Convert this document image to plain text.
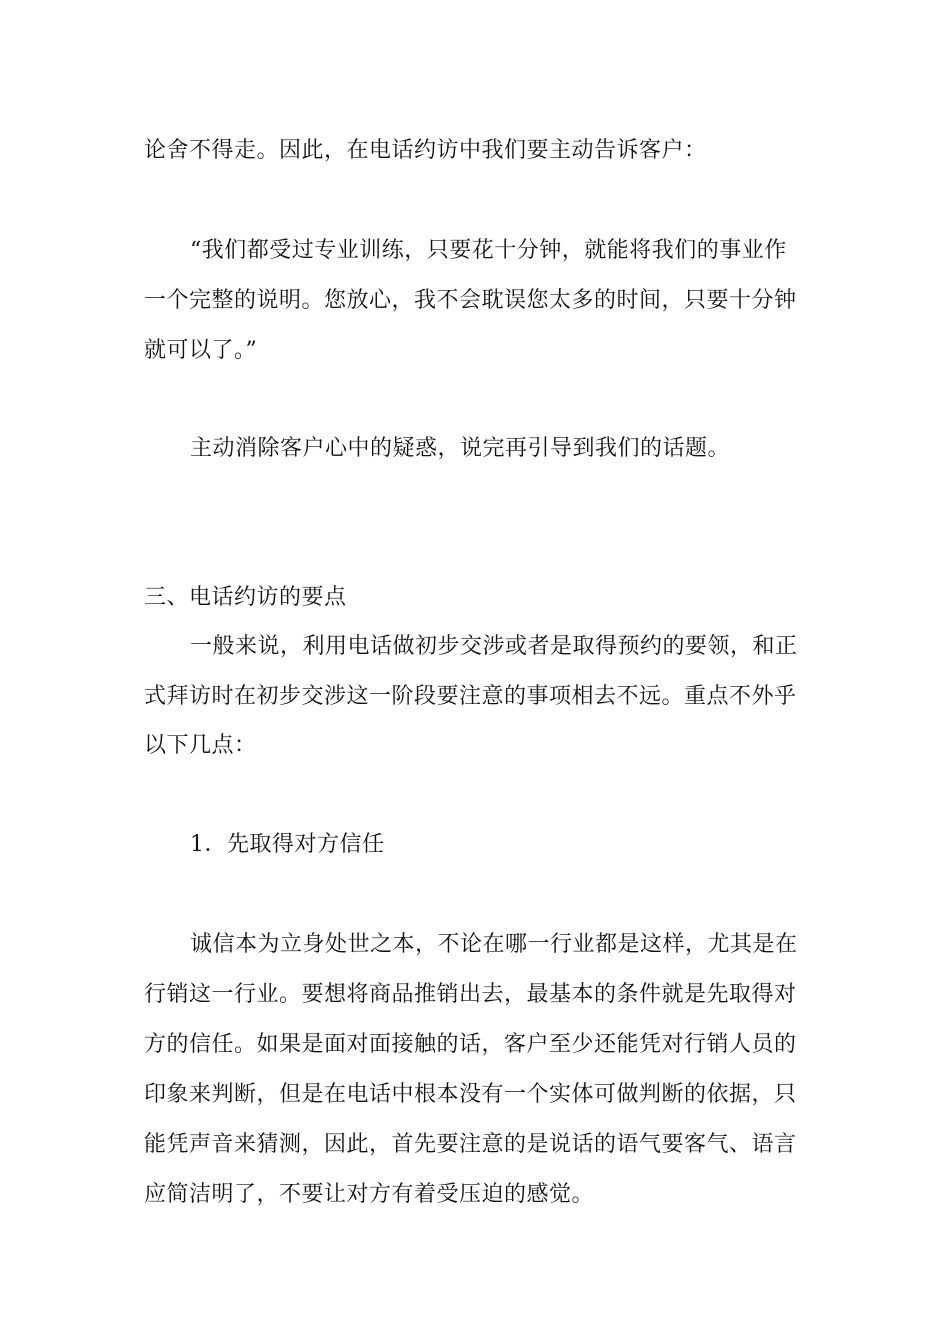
论舍不得走。因此，在电话约访中我们要主动告诉客户：
“我们都受过专业训练，只要花十分钟，就能将我们的事业作
一个完整的说明。您放心，我不会耽误您太多的时间，只要十分钟
就可以了。”
主动消除客户心中的疑惑，说完再引导到我们的话题。
三、电话约访的要点
一般来说，利用电话做初步交涉或者是取得预约的要领，和正
式拜访时在初步交涉这一阶段要注意的事项相去不远。重点不外乎
以下几点：
1．先取得对方信任
诚信本为立身处世之本，不论在哪一行业都是这样，尤其是在
行销这一行业。要想将商品推销出去，最基本的条件就是先取得对
方的信任。如果是面对面接触的话，客户至少还能凭对行销人员的
印象来判断，但是在电话中根本没有一个实体可做判断的依据，只
能凭声音来猜测，因此，首先要注意的是说话的语气要客气、语言
应简洁明了，不要让对方有着受压迫的感觉。
